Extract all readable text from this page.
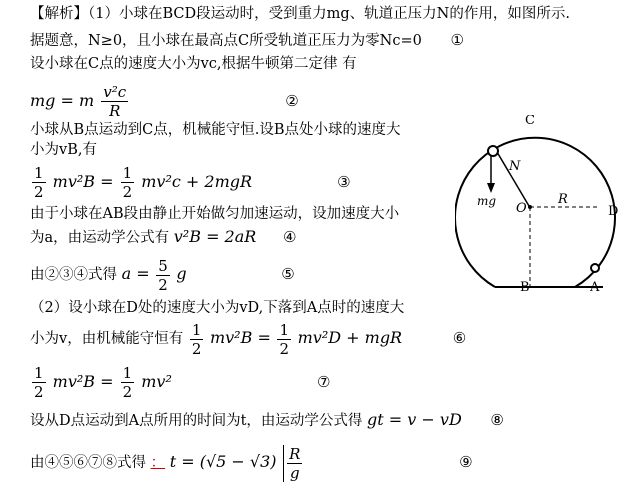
【解析】（1）小球在BCD段运动时，受到重力mg、轨道正压力N的作用，如图所示.
据题意，N≥0，且小球在最高点C所受轨道正压力为零Nc=0 ①
设小球在C点的速度大小为vc,根据牛顿第二定律 有
mg = m $\frac{\text{v²c}}{R}$	②
小球从B点运动到C点，机械能守恒.设B点处小球的速度大
小为vB,有
$\frac{1}{2} mv^2B = \frac{1}{2} mv^2c + 2mgR$	③
由于小球在AB段由静止开始做匀加速运动，设加速度大小
为a，由运动学公式有 v²B = 2aR ④
由②③④式得 $a = \frac{5}{2}$ g	⑤
（2）设小球在D处的速度大小为vD,下落到A点时的速度大
小为v，由机械能守恒有 $\frac{1}{2} mv^2B = \frac{1}{2} mv^2D$ + mgR	⑥
$\frac{1}{2} mv^2B = \frac{1}{2} mv^2$	⑦
设从D点运动到A点所用的时间为t，由运动学公式得 gt = v − vD ⑧
由④⑤⑥⑦⑧式得 ： $t = (√5 - √3) \frac{R}{g}$	⑨
C
N
mg O
R
D
B	A
